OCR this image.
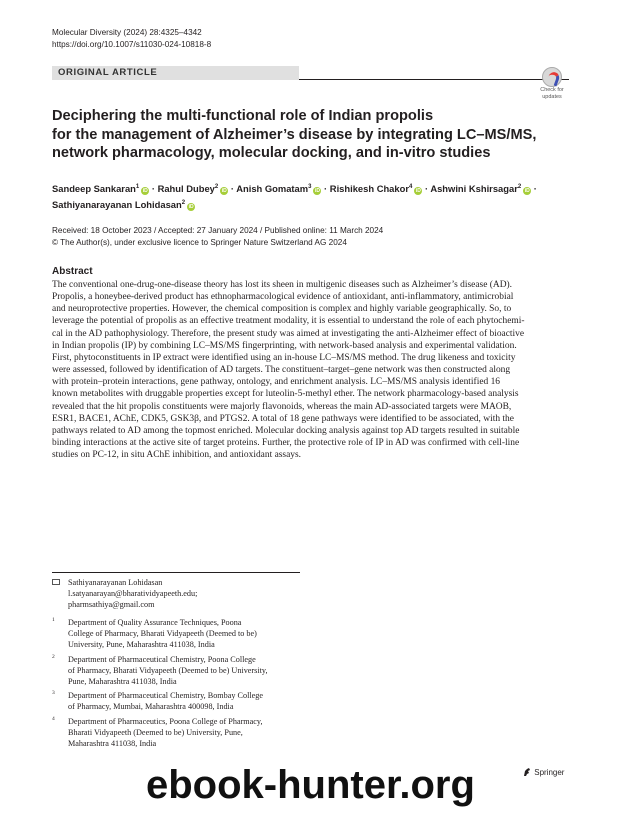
Molecular Diversity (2024) 28:4325–4342
https://doi.org/10.1007/s11030-024-10818-8
ORIGINAL ARTICLE
Check for
updates
Deciphering the multi-functional role of Indian propolis
for the management of Alzheimer’s disease by integrating LC–MS/MS,
network pharmacology, molecular docking, and in-vitro studies
Sandeep Sankaran$^1$iD · Rahul Dubey$^2$iD · Anish Gomatam$^3$iD · Rishikesh Chakor$^4$iD · Ashwini Kshirsagar$^2$iD ·
Sathiyanarayanan Lohidasan$^2$iD
Received: 18 October 2023 / Accepted: 27 January 2024 / Published online: 11 March 2024
© The Author(s), under exclusive licence to Springer Nature Switzerland AG 2024
Abstract
The conventional one-drug-one-disease theory has lost its sheen in multigenic diseases such as Alzheimer’s disease (AD).
Propolis, a honeybee-derived product has ethnopharmacological evidence of antioxidant, anti-inflammatory, antimicrobial
and neuroprotective properties. However, the chemical composition is complex and highly variable geographically. So, to
leverage the potential of propolis as an effective treatment modality, it is essential to understand the role of each phytochemi-
cal in the AD pathophysiology. Therefore, the present study was aimed at investigating the anti-Alzheimer effect of bioactive
in Indian propolis (IP) by combining LC–MS/MS fingerprinting, with network-based analysis and experimental validation.
First, phytoconstituents in IP extract were identified using an in-house LC–MS/MS method. The drug likeness and toxicity
were assessed, followed by identification of AD targets. The constituent–target–gene network was then constructed along
with protein–protein interactions, gene pathway, ontology, and enrichment analysis. LC–MS/MS analysis identified 16
known metabolites with druggable properties except for luteolin-5-methyl ether. The network pharmacology-based analysis
revealed that the hit propolis constituents were majorly flavonoids, whereas the main AD-associated targets were MAOB,
ESR1, BACE1, AChE, CDK5, GSK3β, and PTGS2. A total of 18 gene pathways were identified to be associated, with the
pathways related to AD among the topmost enriched. Molecular docking analysis against top AD targets resulted in suitable
binding interactions at the active site of target proteins. Further, the protective role of IP in AD was confirmed with cell-line
studies on PC-12, in situ AChE inhibition, and antioxidant assays.
Sathiyanarayanan Lohidasan
l.satyanarayan@bharatividyapeeth.edu;
pharmsathiya@gmail.com
1 Department of Quality Assurance Techniques, Poona
College of Pharmacy, Bharati Vidyapeeth (Deemed to be)
University, Pune, Maharashtra 411038, India
2 Department of Pharmaceutical Chemistry, Poona College
of Pharmacy, Bharati Vidyapeeth (Deemed to be) University,
Pune, Maharashtra 411038, India
3 Department of Pharmaceutical Chemistry, Bombay College
of Pharmacy, Mumbai, Maharashtra 400098, India
4 Department of Pharmaceutics, Poona College of Pharmacy,
Bharati Vidyapeeth (Deemed to be) University, Pune,
Maharashtra 411038, India
ebook-hunter.org	Springer
